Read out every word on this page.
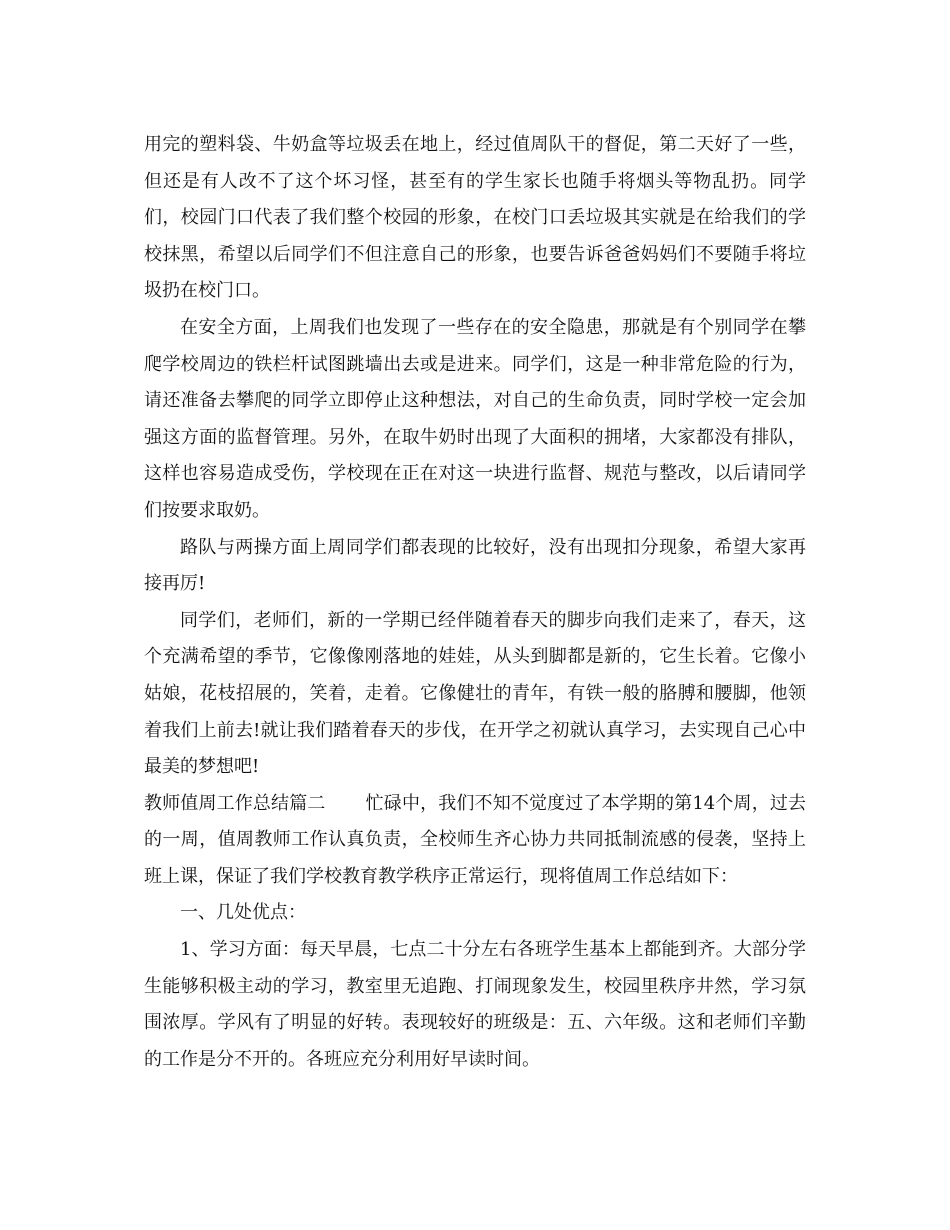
用完的塑料袋、牛奶盒等垃圾丢在地上，经过值周队干的督促，第二天好了一些，但还是有人改不了这个坏习怪，甚至有的学生家长也随手将烟头等物乱扔。同学们，校园门口代表了我们整个校园的形象，在校门口丢垃圾其实就是在给我们的学校抹黑，希望以后同学们不但注意自己的形象，也要告诉爸爸妈妈们不要随手将垃圾扔在校门口。

在安全方面，上周我们也发现了一些存在的安全隐患，那就是有个别同学在攀爬学校周边的铁栏杆试图跳墙出去或是进来。同学们，这是一种非常危险的行为，请还准备去攀爬的同学立即停止这种想法，对自己的生命负责，同时学校一定会加强这方面的监督管理。另外，在取牛奶时出现了大面积的拥堵，大家都没有排队，这样也容易造成受伤，学校现在正在对这一块进行监督、规范与整改，以后请同学们按要求取奶。

路队与两操方面上周同学们都表现的比较好，没有出现扣分现象，希望大家再接再厉!

同学们，老师们，新的一学期已经伴随着春天的脚步向我们走来了，春天，这个充满希望的季节，它像像刚落地的娃娃，从头到脚都是新的，它生长着。它像小姑娘，花枝招展的，笑着，走着。它像健壮的青年，有铁一般的胳膊和腰脚，他领着我们上前去!就让我们踏着春天的步伐，在开学之初就认真学习，去实现自己心中最美的梦想吧!

教师值周工作总结篇二 忙碌中，我们不知不觉度过了本学期的第14个周，过去的一周，值周教师工作认真负责，全校师生齐心协力共同抵制流感的侵袭，坚持上班上课，保证了我们学校教育教学秩序正常运行，现将值周工作总结如下：

一、几处优点：

1、学习方面：每天早晨，七点二十分左右各班学生基本上都能到齐。大部分学生能够积极主动的学习，教室里无追跑、打闹现象发生，校园里秩序井然，学习氛围浓厚。学风有了明显的好转。表现较好的班级是：五、六年级。这和老师们辛勤的工作是分不开的。各班应充分利用好早读时间。
